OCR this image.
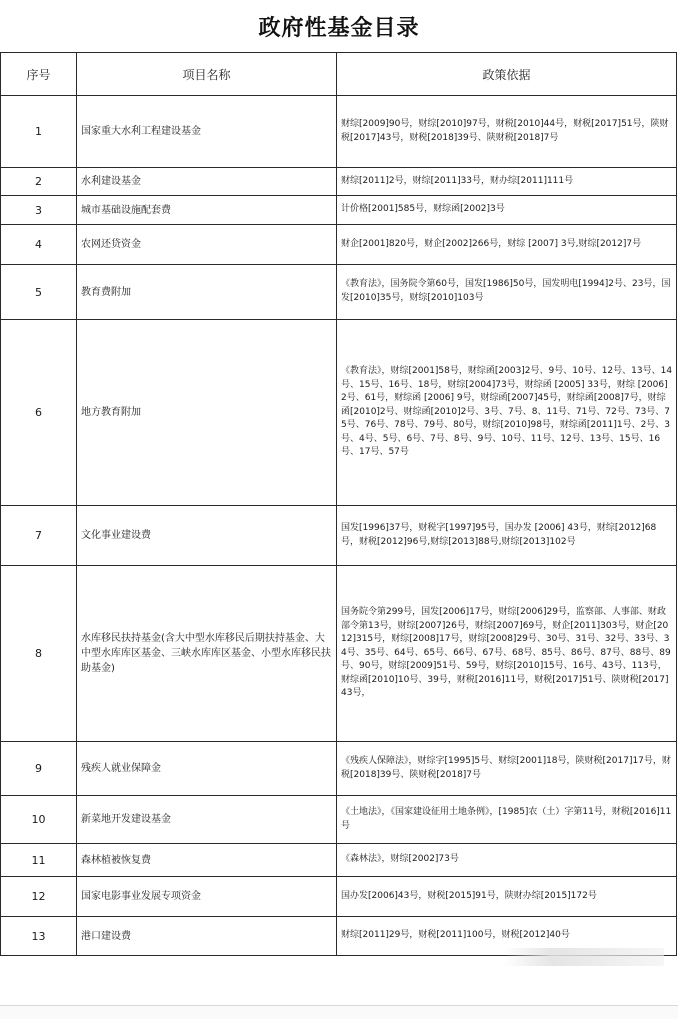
政府性基金目录
序号	项目名称	政策依据
1	国家重大水利工程建设基金	财综[2009]90号，财综[2010]97号，财税[2010]44号，财税[2017]51号，陕财税[2017]43号，财税[2018]39号、陕财税[2018]7号
2	水利建设基金	财综[2011]2号，财综[2011]33号，财办综[2011]111号
3	城市基础设施配套费	计价格[2001]585号，财综函[2002]3号
4	农网还贷资金	财企[2001]820号，财企[2002]266号，财综 [2007] 3号,财综[2012]7号
5	教育费附加	《教育法》，国务院令第60号，国发[1986]50号，国发明电[1994]2号、23号，国发[2010]35号，财综[2010]103号
6	地方教育附加	《教育法》，财综[2001]58号，财综函[2003]2号、9号、10号、12号、13号、14号、15号、16号、18号，财综[2004]73号，财综函 [2005] 33号，财综 [2006] 2号、61号，财综函 [2006] 9号，财综函[2007]45号，财综函[2008]7号，财综函[2010]2号、财综函[2010]2号、3号、7号、8、11号、71号、72号、73号、75号、76号、78号、79号、80号，财综[2010]98号，财综函[2011]1号、2号、3号、4号、5号、6号、7号、8号、9号、10号、11号、12号、13号、15号、16号、17号、57号
7	文化事业建设费	国发[1996]37号，财税字[1997]95号，国办发 [2006] 43号，财综[2012]68号，财税[2012]96号,财综[2013]88号,财综[2013]102号
8	水库移民扶持基金(含大中型水库移民后期扶持基金、大中型水库库区基金、三峡水库库区基金、小型水库移民扶助基金)	国务院令第299号，国发[2006]17号，财综[2006]29号，监察部、人事部、财政部令第13号，财综[2007]26号，财综[2007]69号，财企[2011]303号，财企[2012]315号，财综[2008]17号，财综[2008]29号、30号、31号、32号、33号、34号、35号、64号、65号、66号、67号、68号、85号、86号、87号、88号、89号、90号，财综[2009]51号、59号，财综[2010]15号、16号、43号、113号，财综函[2010]10号、39号，财税[2016]11号，财税[2017]51号、陕财税[2017]43号，
9	残疾人就业保障金	《残疾人保障法》，财综字[1995]5号、财综[2001]18号，陕财税[2017]17号，财税[2018]39号、陕财税[2018]7号
10	新菜地开发建设基金	《土地法》，《国家建设征用土地条例》，[1985]农（土）字第11号，财税[2016]11号
11	森林植被恢复费	《森林法》，财综[2002]73号
12	国家电影事业发展专项资金	国办发[2006]43号，财税[2015]91号，陕财办综[2015]172号
13	港口建设费	财综[2011]29号，财税[2011]100号，财税[2012]40号
